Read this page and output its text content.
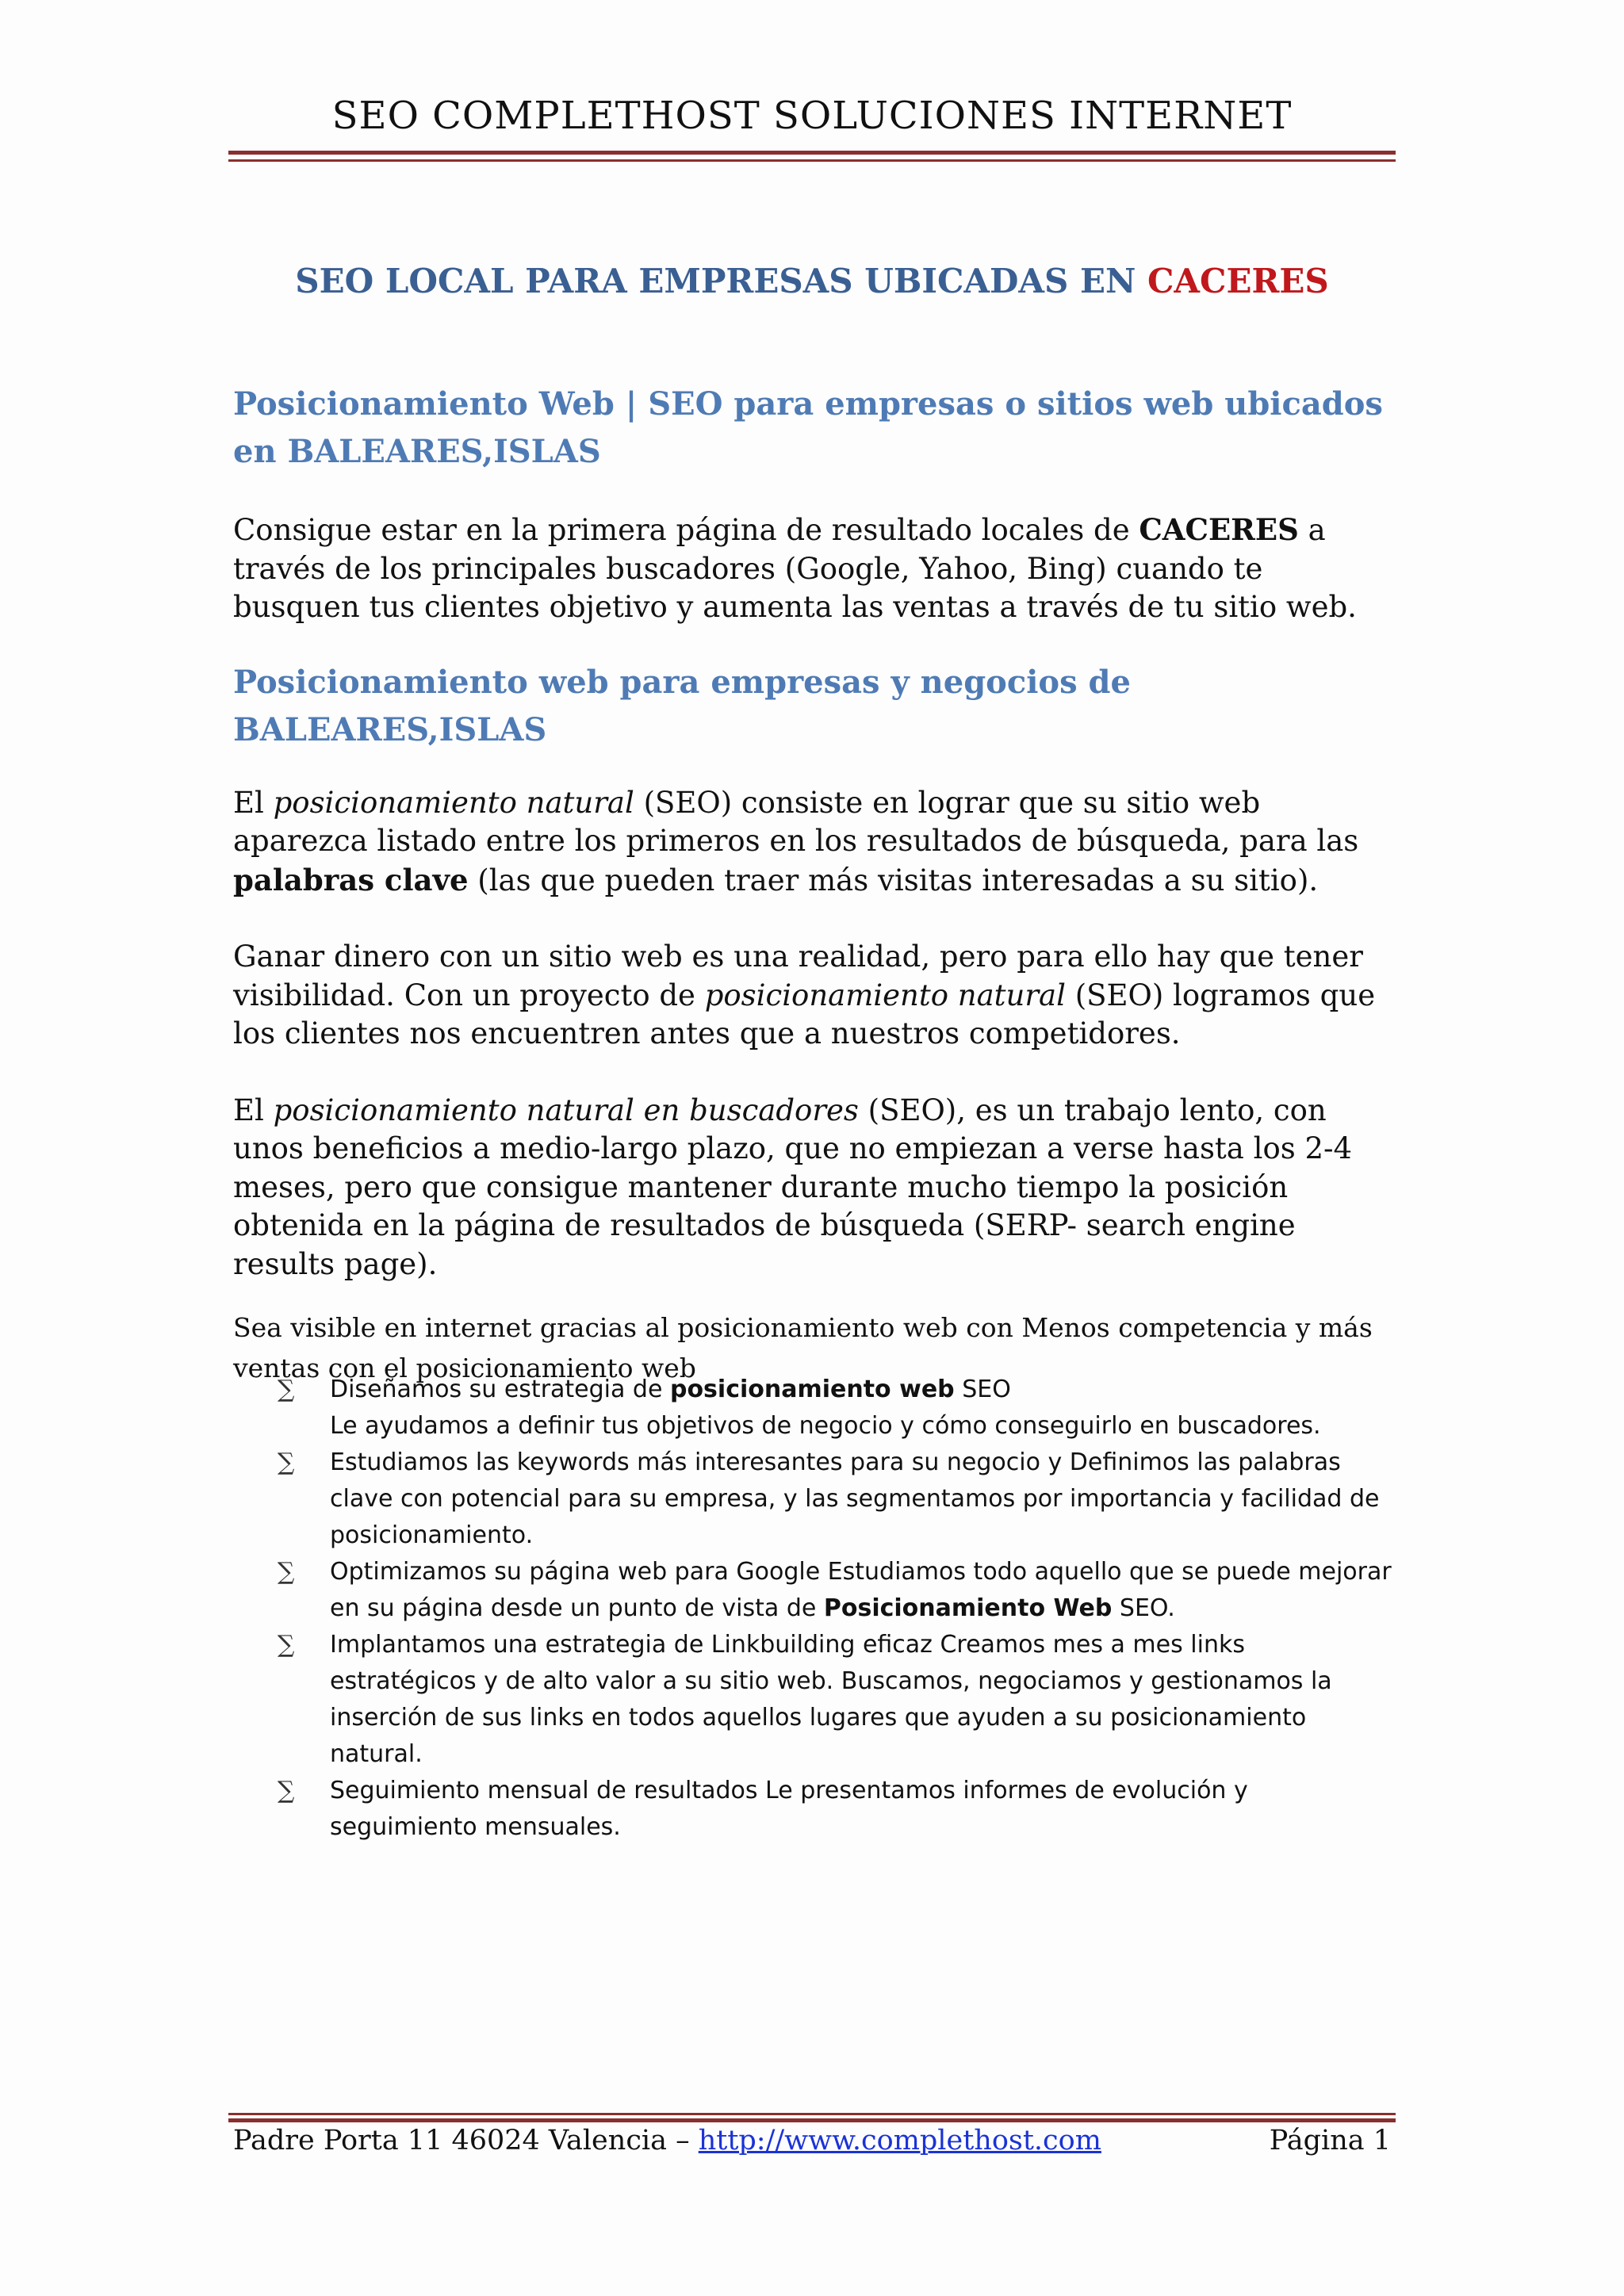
SEO COMPLETHOST SOLUCIONES INTERNET
SEO LOCAL PARA EMPRESAS UBICADAS EN CACERES
Posicionamiento Web | SEO para empresas o sitios web ubicados en BALEARES,ISLAS

Consigue estar en la primera página de resultado locales de CACERES a través de los principales buscadores (Google, Yahoo, Bing) cuando te busquen tus clientes objetivo y aumenta las ventas a través de tu sitio web.

Posicionamiento web para empresas y negocios de BALEARES,ISLAS

El posicionamiento natural (SEO) consiste en lograr que su sitio web aparezca listado entre los primeros en los resultados de búsqueda, para las palabras clave (las que pueden traer más visitas interesadas a su sitio).

Ganar dinero con un sitio web es una realidad, pero para ello hay que tener visibilidad. Con un proyecto de posicionamiento natural (SEO) logramos que los clientes nos encuentren antes que a nuestros competidores.

El posicionamiento natural en buscadores (SEO), es un trabajo lento, con unos beneficios a medio-largo plazo, que no empiezan a verse hasta los 2-4 meses, pero que consigue mantener durante mucho tiempo la posición obtenida en la página de resultados de búsqueda (SERP- search engine results page).

Sea visible en internet gracias al posicionamiento web con Menos competencia y más ventas con el posicionamiento web

∑ Diseñamos su estrategia de posicionamiento web SEO
Le ayudamos a definir tus objetivos de negocio y cómo conseguirlo en buscadores.
∑ Estudiamos las keywords más interesantes para su negocio y Definimos las palabras clave con potencial para su empresa, y las segmentamos por importancia y facilidad de posicionamiento.
∑ Optimizamos su página web para Google Estudiamos todo aquello que se puede mejorar en su página desde un punto de vista de Posicionamiento Web SEO.
∑ Implantamos una estrategia de Linkbuilding eficaz Creamos mes a mes links estratégicos y de alto valor a su sitio web. Buscamos, negociamos y gestionamos la inserción de sus links en todos aquellos lugares que ayuden a su posicionamiento natural.
∑ Seguimiento mensual de resultados Le presentamos informes de evolución y seguimiento mensuales.
Padre Porta 11 46024 Valencia – http://www.complethost.com	Página 1
